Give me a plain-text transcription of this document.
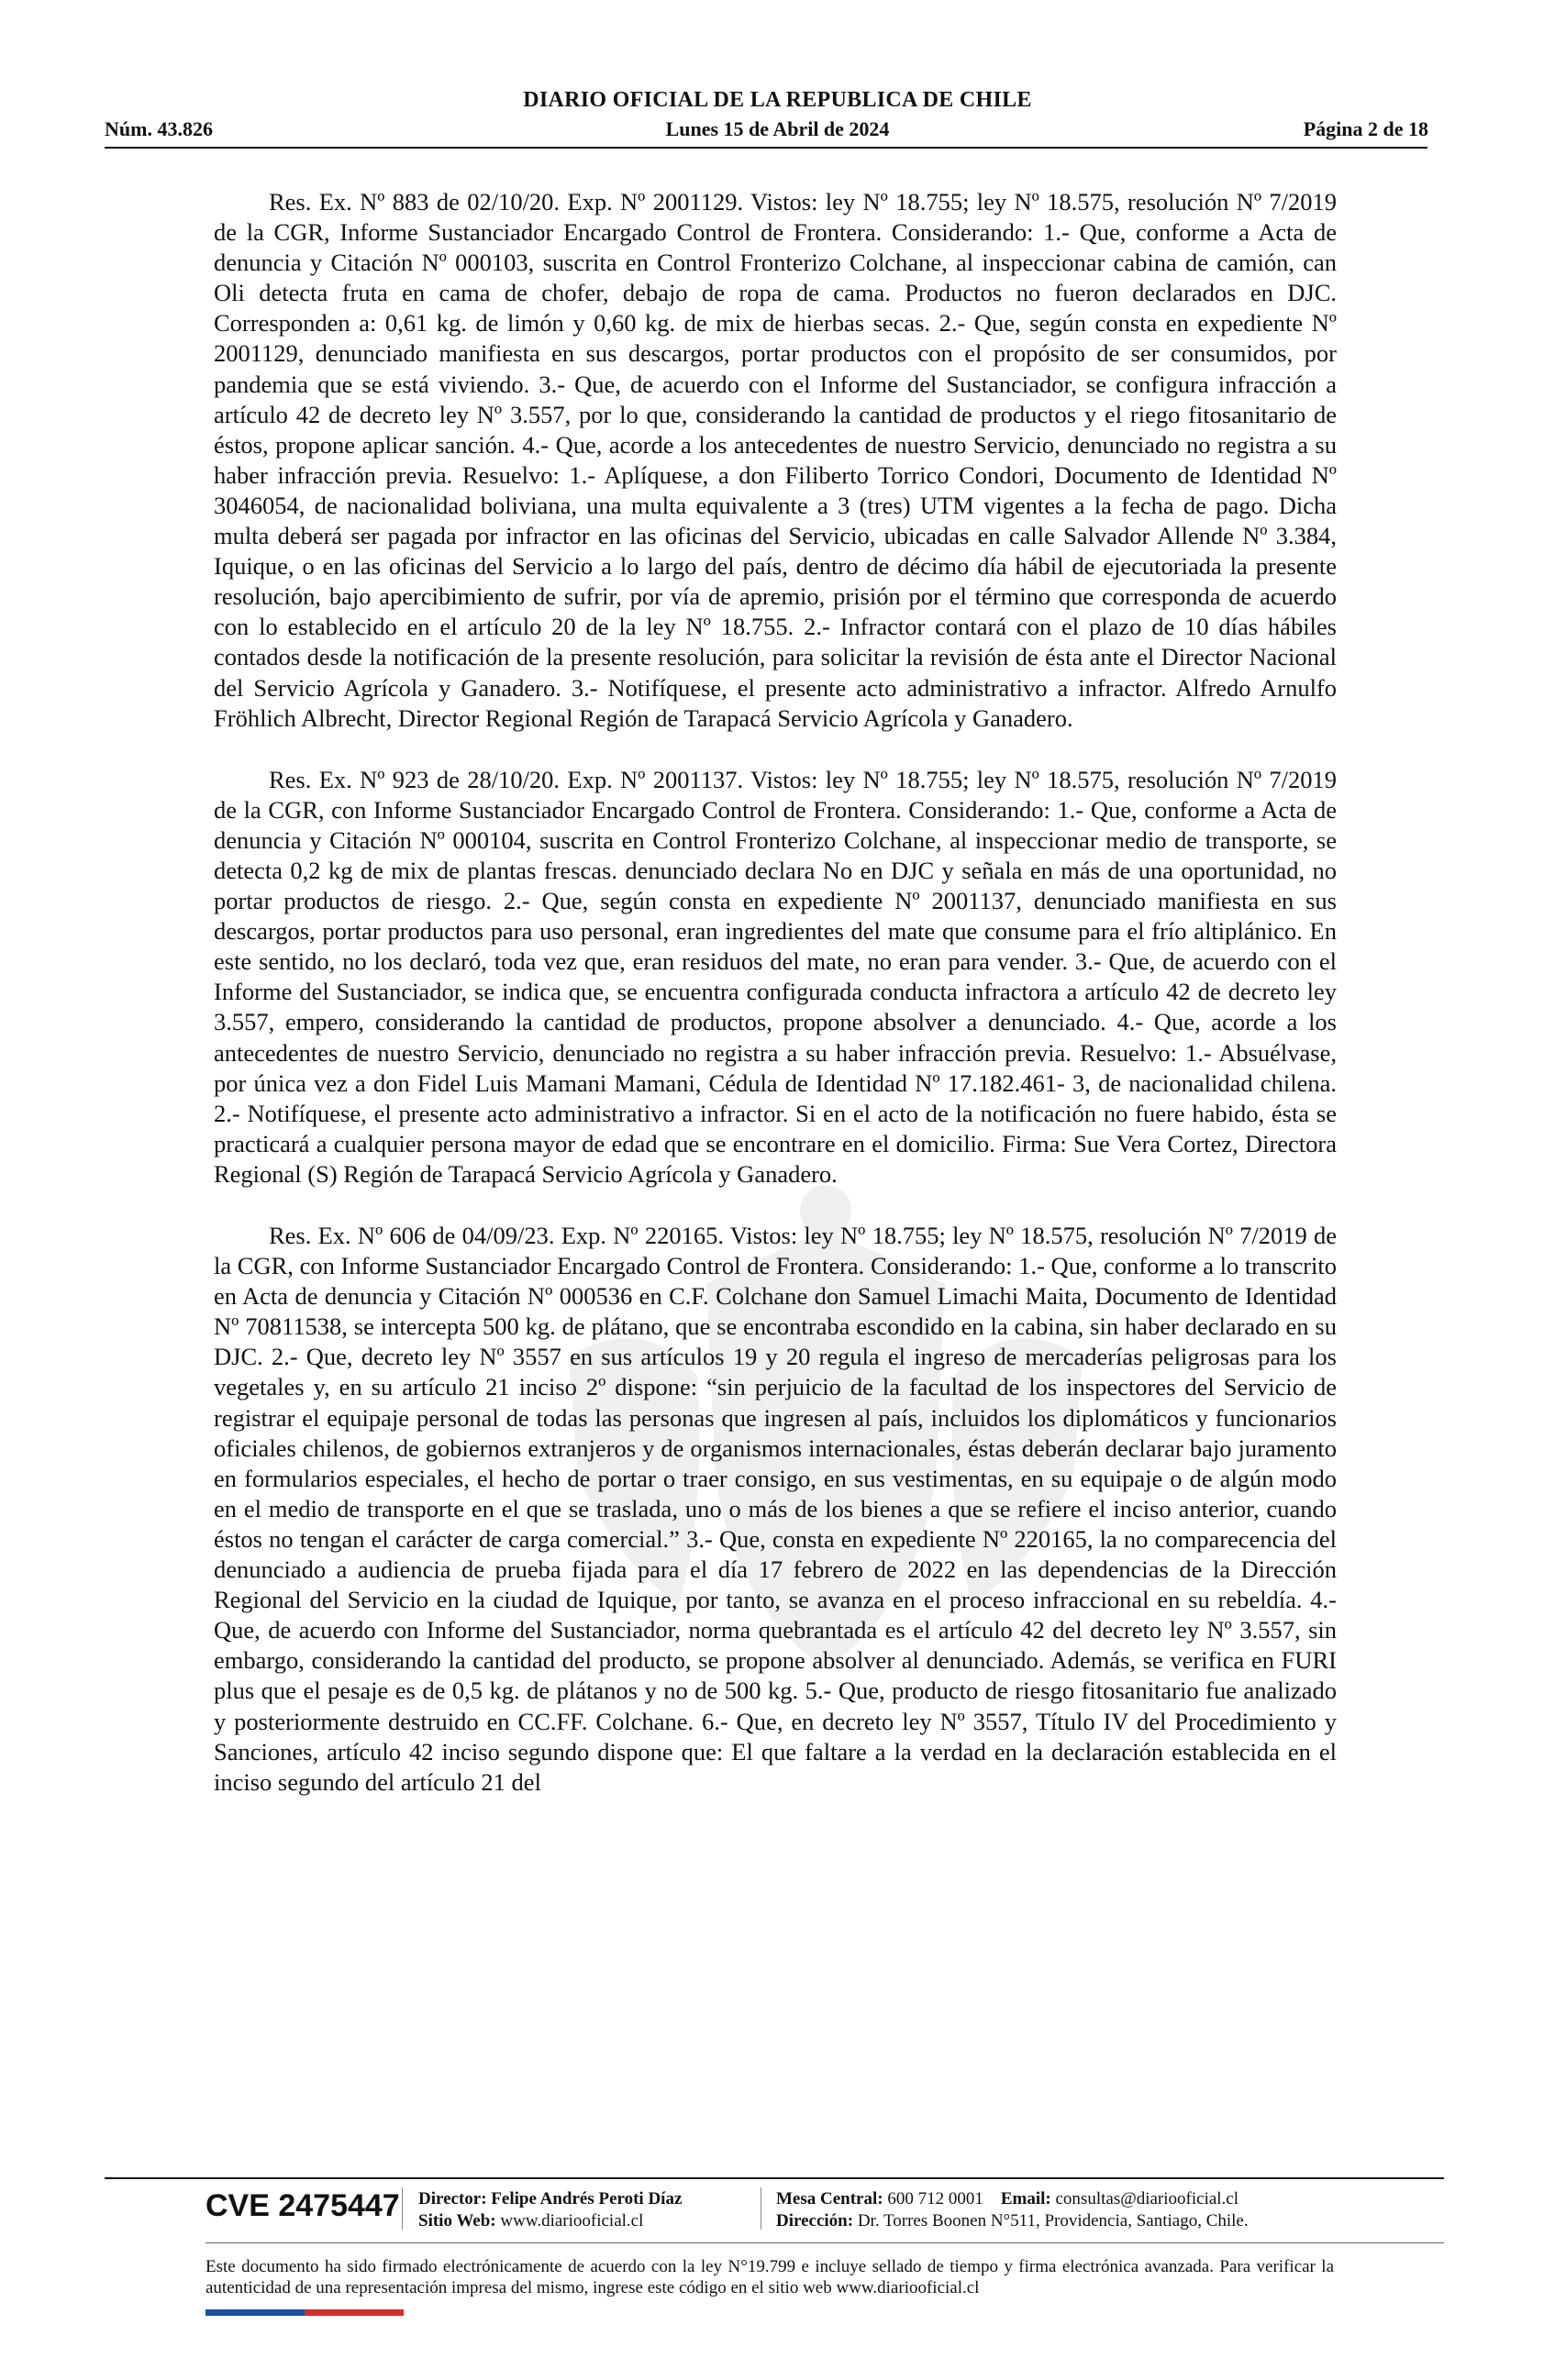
DIARIO OFICIAL DE LA REPUBLICA DE CHILE
Núm. 43.826	Lunes 15 de Abril de 2024	Página 2 de 18

Res. Ex. Nº 883 de 02/10/20. Exp. Nº 2001129. Vistos: ley Nº 18.755; ley Nº 18.575, resolución Nº 7/2019 de la CGR, Informe Sustanciador Encargado Control de Frontera. Considerando: 1.- Que, conforme a Acta de denuncia y Citación Nº 000103, suscrita en Control Fronterizo Colchane, al inspeccionar cabina de camión, can Oli detecta fruta en cama de chofer, debajo de ropa de cama. Productos no fueron declarados en DJC. Corresponden a: 0,61 kg. de limón y 0,60 kg. de mix de hierbas secas. 2.- Que, según consta en expediente Nº 2001129, denunciado manifiesta en sus descargos, portar productos con el propósito de ser consumidos, por pandemia que se está viviendo. 3.- Que, de acuerdo con el Informe del Sustanciador, se configura infracción a artículo 42 de decreto ley Nº 3.557, por lo que, considerando la cantidad de productos y el riego fitosanitario de éstos, propone aplicar sanción. 4.- Que, acorde a los antecedentes de nuestro Servicio, denunciado no registra a su haber infracción previa. Resuelvo: 1.- Aplíquese, a don Filiberto Torrico Condori, Documento de Identidad Nº 3046054, de nacionalidad boliviana, una multa equivalente a 3 (tres) UTM vigentes a la fecha de pago. Dicha multa deberá ser pagada por infractor en las oficinas del Servicio, ubicadas en calle Salvador Allende Nº 3.384, Iquique, o en las oficinas del Servicio a lo largo del país, dentro de décimo día hábil de ejecutoriada la presente resolución, bajo apercibimiento de sufrir, por vía de apremio, prisión por el término que corresponda de acuerdo con lo establecido en el artículo 20 de la ley Nº 18.755. 2.- Infractor contará con el plazo de 10 días hábiles contados desde la notificación de la presente resolución, para solicitar la revisión de ésta ante el Director Nacional del Servicio Agrícola y Ganadero. 3.- Notifíquese, el presente acto administrativo a infractor. Alfredo Arnulfo Fröhlich Albrecht, Director Regional Región de Tarapacá Servicio Agrícola y Ganadero.

Res. Ex. Nº 923 de 28/10/20. Exp. Nº 2001137. Vistos: ley Nº 18.755; ley Nº 18.575, resolución Nº 7/2019 de la CGR, con Informe Sustanciador Encargado Control de Frontera. Considerando: 1.- Que, conforme a Acta de denuncia y Citación Nº 000104, suscrita en Control Fronterizo Colchane, al inspeccionar medio de transporte, se detecta 0,2 kg de mix de plantas frescas. denunciado declara No en DJC y señala en más de una oportunidad, no portar productos de riesgo. 2.- Que, según consta en expediente Nº 2001137, denunciado manifiesta en sus descargos, portar productos para uso personal, eran ingredientes del mate que consume para el frío altiplánico. En este sentido, no los declaró, toda vez que, eran residuos del mate, no eran para vender. 3.- Que, de acuerdo con el Informe del Sustanciador, se indica que, se encuentra configurada conducta infractora a artículo 42 de decreto ley 3.557, empero, considerando la cantidad de productos, propone absolver a denunciado. 4.- Que, acorde a los antecedentes de nuestro Servicio, denunciado no registra a su haber infracción previa. Resuelvo: 1.- Absuélvase, por única vez a don Fidel Luis Mamani Mamani, Cédula de Identidad Nº 17.182.461- 3, de nacionalidad chilena. 2.- Notifíquese, el presente acto administrativo a infractor. Si en el acto de la notificación no fuere habido, ésta se practicará a cualquier persona mayor de edad que se encontrare en el domicilio. Firma: Sue Vera Cortez, Directora Regional (S) Región de Tarapacá Servicio Agrícola y Ganadero.

Res. Ex. Nº 606 de 04/09/23. Exp. Nº 220165. Vistos: ley Nº 18.755; ley Nº 18.575, resolución Nº 7/2019 de la CGR, con Informe Sustanciador Encargado Control de Frontera. Considerando: 1.- Que, conforme a lo transcrito en Acta de denuncia y Citación Nº 000536 en C.F. Colchane don Samuel Limachi Maita, Documento de Identidad Nº 70811538, se intercepta 500 kg. de plátano, que se encontraba escondido en la cabina, sin haber declarado en su DJC. 2.- Que, decreto ley Nº 3557 en sus artículos 19 y 20 regula el ingreso de mercaderías peligrosas para los vegetales y, en su artículo 21 inciso 2º dispone: “sin perjuicio de la facultad de los inspectores del Servicio de registrar el equipaje personal de todas las personas que ingresen al país, incluidos los diplomáticos y funcionarios oficiales chilenos, de gobiernos extranjeros y de organismos internacionales, éstas deberán declarar bajo juramento en formularios especiales, el hecho de portar o traer consigo, en sus vestimentas, en su equipaje o de algún modo en el medio de transporte en el que se traslada, uno o más de los bienes a que se refiere el inciso anterior, cuando éstos no tengan el carácter de carga comercial.” 3.- Que, consta en expediente Nº 220165, la no comparecencia del denunciado a audiencia de prueba fijada para el día 17 febrero de 2022 en las dependencias de la Dirección Regional del Servicio en la ciudad de Iquique, por tanto, se avanza en el proceso infraccional en su rebeldía. 4.- Que, de acuerdo con Informe del Sustanciador, norma quebrantada es el artículo 42 del decreto ley Nº 3.557, sin embargo, considerando la cantidad del producto, se propone absolver al denunciado. Además, se verifica en FURI plus que el pesaje es de 0,5 kg. de plátanos y no de 500 kg. 5.- Que, producto de riesgo fitosanitario fue analizado y posteriormente destruido en CC.FF. Colchane. 6.- Que, en decreto ley Nº 3557, Título IV del Procedimiento y Sanciones, artículo 42 inciso segundo dispone que: El que faltare a la verdad en la declaración establecida en el inciso segundo del artículo 21 del

CVE 2475447 Director: Felipe Andrés Peroti Díaz
Sitio Web: www.diariooficial.cl
Mesa Central: 600 712 0001 Email: consultas@diariooficial.cl
Dirección: Dr. Torres Boonen N°511, Providencia, Santiago, Chile.
Este documento ha sido firmado electrónicamente de acuerdo con la ley N°19.799 e incluye sellado de tiempo y firma electrónica avanzada. Para verificar la autenticidad de una representación impresa del mismo, ingrese este código en el sitio web www.diariooficial.cl
